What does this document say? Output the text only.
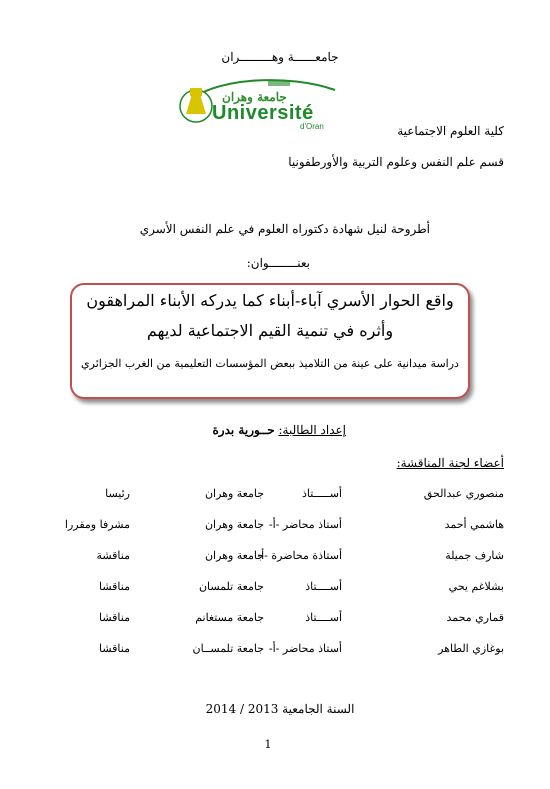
جامعــــــة وهـــــــــران
جامعة وهران
Université
d'Oran	كلية العلوم الاجتماعية
قسم علم النفس وعلوم التربية والأورطفونيا
أطروحة لنيل شهادة دكتوراه العلوم في علم النفس الأسري
بعنــــــــوان:
واقع الحوار الأسري آباء-أبناء كما يدركه الأبناء المراهقون
وأثره في تنمية القيم الاجتماعية لديهم
دراسة ميدانية على عينة من التلاميذ ببعض المؤسسات التعليمية من الغرب الجزائري
إعداد الطالبة: حــورية بدرة
أعضاء لجنة المناقشة:
منصوري عبدالحق
أســـــتاذ
جامعة وهران
رئيسا
هاشمي أحمد
أستاذ محاضر -أ-
جامعة وهران
مشرفا ومقررا
شارف جميلة
أستاذة محاضرة -أ-
جامعة وهران
مناقشة
بشلاغم يحي
أســــتاذ
جامعة تلمسان
مناقشا
قماري محمد
أســــتاذ
جامعة مستغانم
مناقشا
بوغازي الطاهر
أستاذ محاضر -أ-
جامعة تلمســان
مناقشا
السنة الجامعية 2013 / 2014
1
